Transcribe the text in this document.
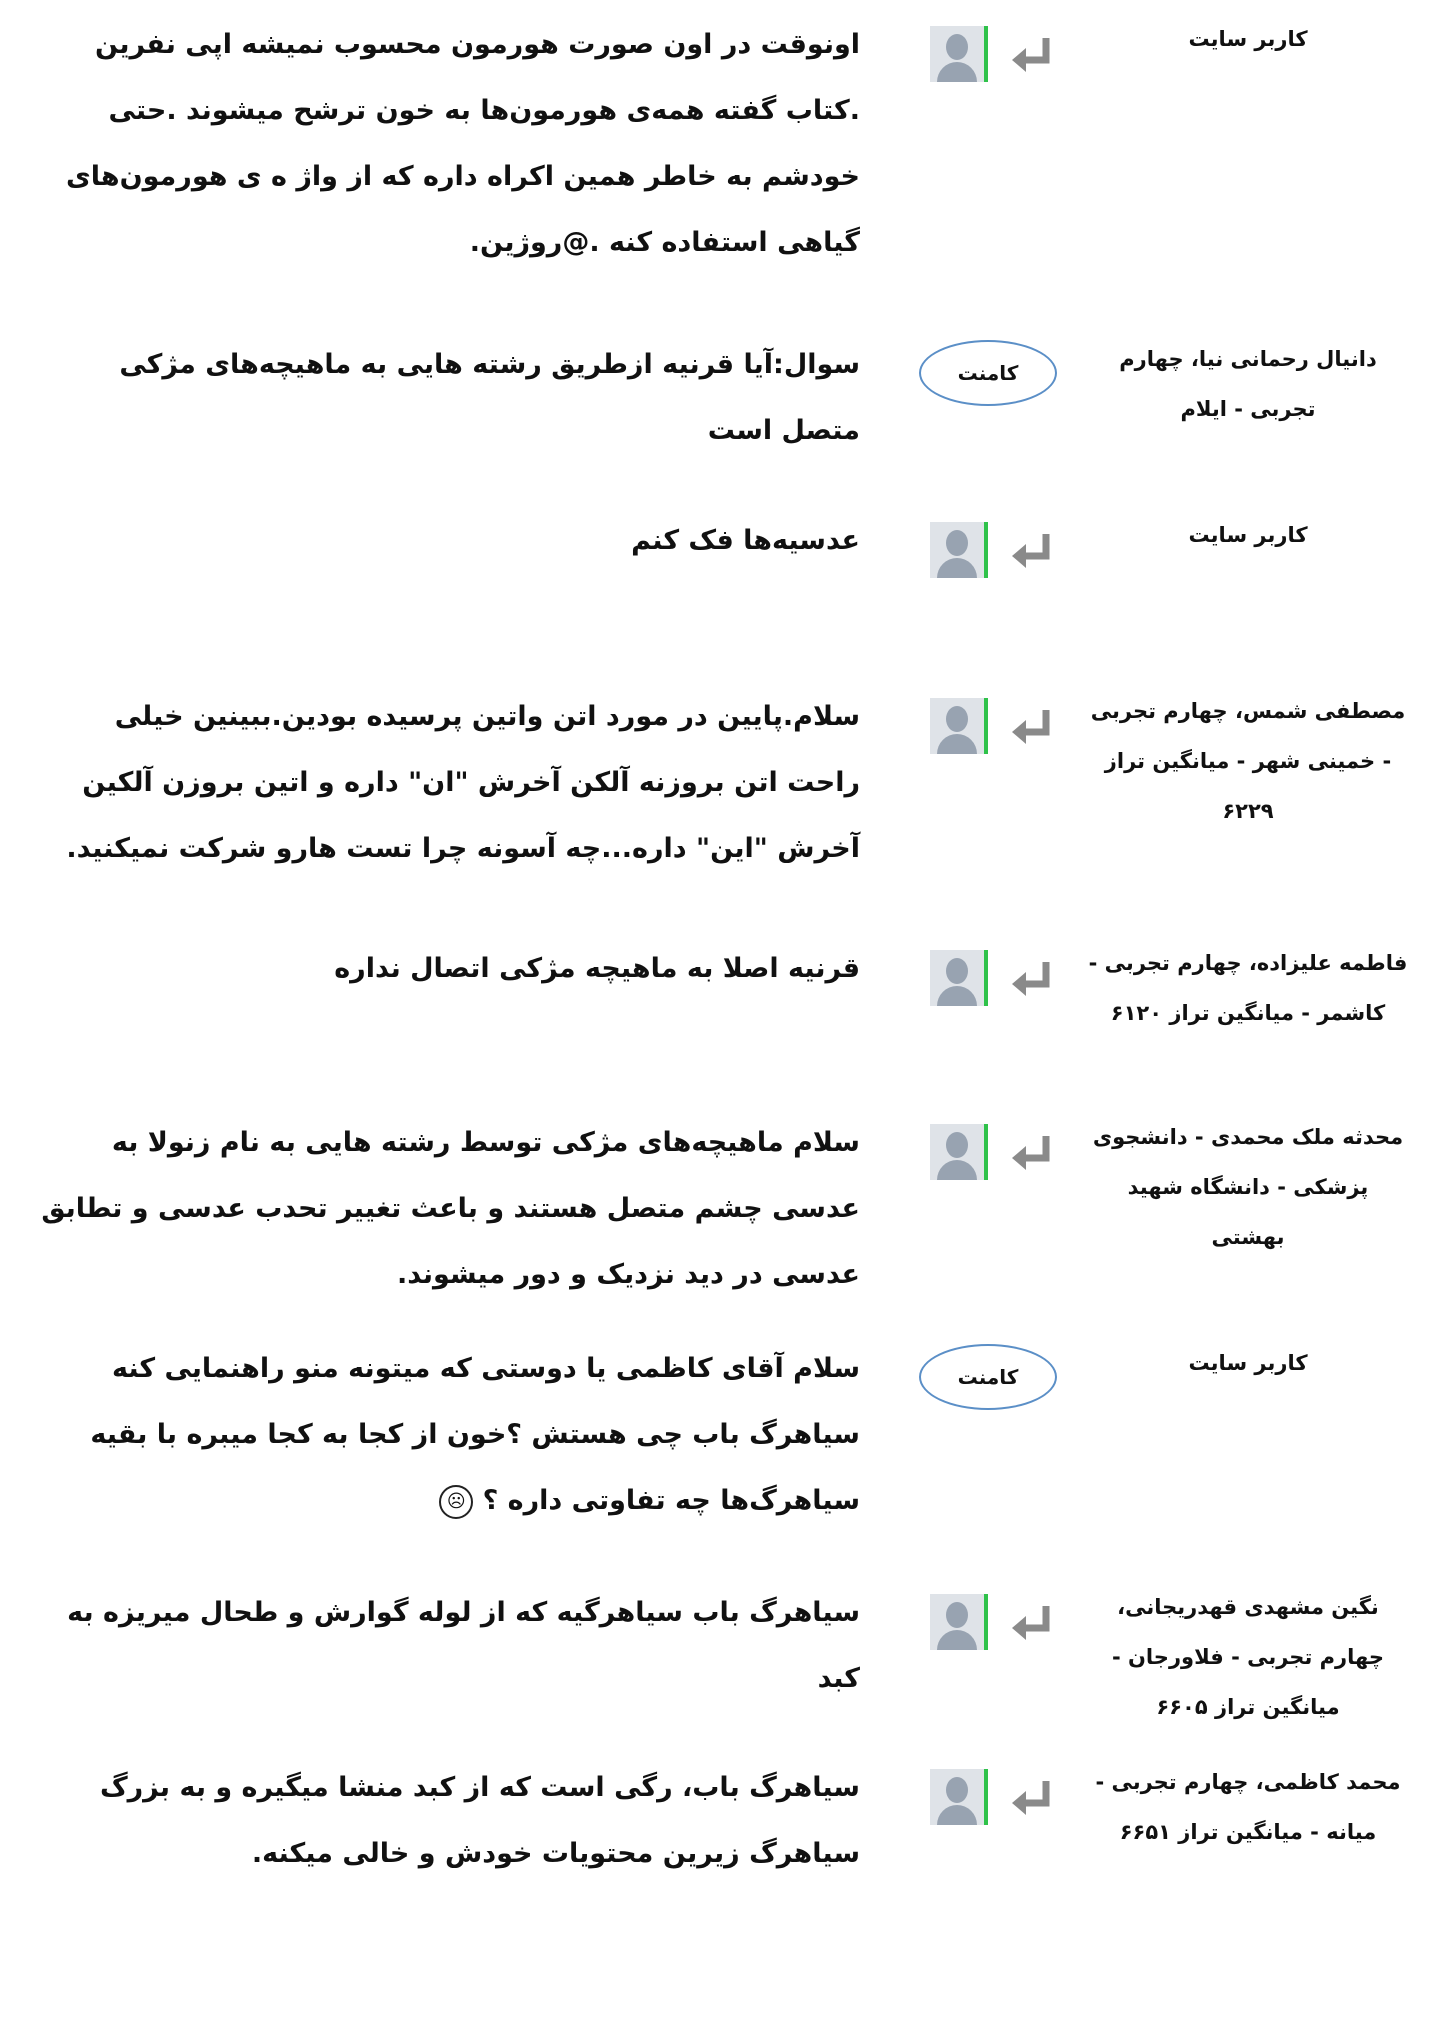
کاربر سایت
اونوقت در اون صورت هورمون محسوب نمیشه اپی نفرین .کتاب گفته همه‌ی هورمون‌ها به خون ترشح میشوند .حتی خودشم به خاطر همین اکراه داره که از واژ ه ی هورمون‌های گیاهی استفاده کنه .@روژین.
دانیال رحمانی نیا، چهارم تجربی - ایلام
کامنت
سوال:آیا قرنیه ازطریق رشته هایی به ماهیچه‌های مژکی متصل است
کاربر سایت
عدسیه‌ها فک کنم
مصطفی شمس، چهارم تجربی - خمینی شهر - میانگین تراز ۶۲۲۹
سلام.پایین در مورد اتن واتین پرسیده بودین.ببینین خیلی راحت اتن بروزنه آلکن آخرش "ان" داره و اتین بروزن آلکین آخرش "این" داره...چه آسونه چرا تست هارو شرکت نمیکنید.
فاطمه علیزاده، چهارم تجربی - کاشمر - میانگین تراز ۶۱۲۰
قرنیه اصلا به ماهیچه مژکی اتصال نداره
محدثه ملک محمدی - دانشجوی پزشکی - دانشگاه شهید بهشتی
سلام ماهیچه‌های مژکی توسط رشته هایی به نام زنولا به عدسی چشم متصل هستند و باعث تغییر تحدب عدسی و تطابق عدسی در دید نزدیک و دور میشوند.
کاربر سایت
کامنت
سلام آقای کاظمی یا دوستی که میتونه منو راهنمایی کنه سیاهرگ باب چی هستش ؟خون از کجا به کجا میبره با بقیه سیاهرگ‌ها چه تفاوتی داره ؟ ☹
نگین مشهدی قهدریجانی، چهارم تجربی - فلاورجان - میانگین تراز ۶۶۰۵
سیاهرگ باب سیاهرگیه که از لوله گوارش و طحال میریزه به کبد
محمد کاظمی، چهارم تجربی - میانه - میانگین تراز ۶۶۵۱
سیاهرگ باب، رگی است که از کبد منشا میگیره و به بزرگ سیاهرگ زیرین محتویات خودش و خالی میکنه.
